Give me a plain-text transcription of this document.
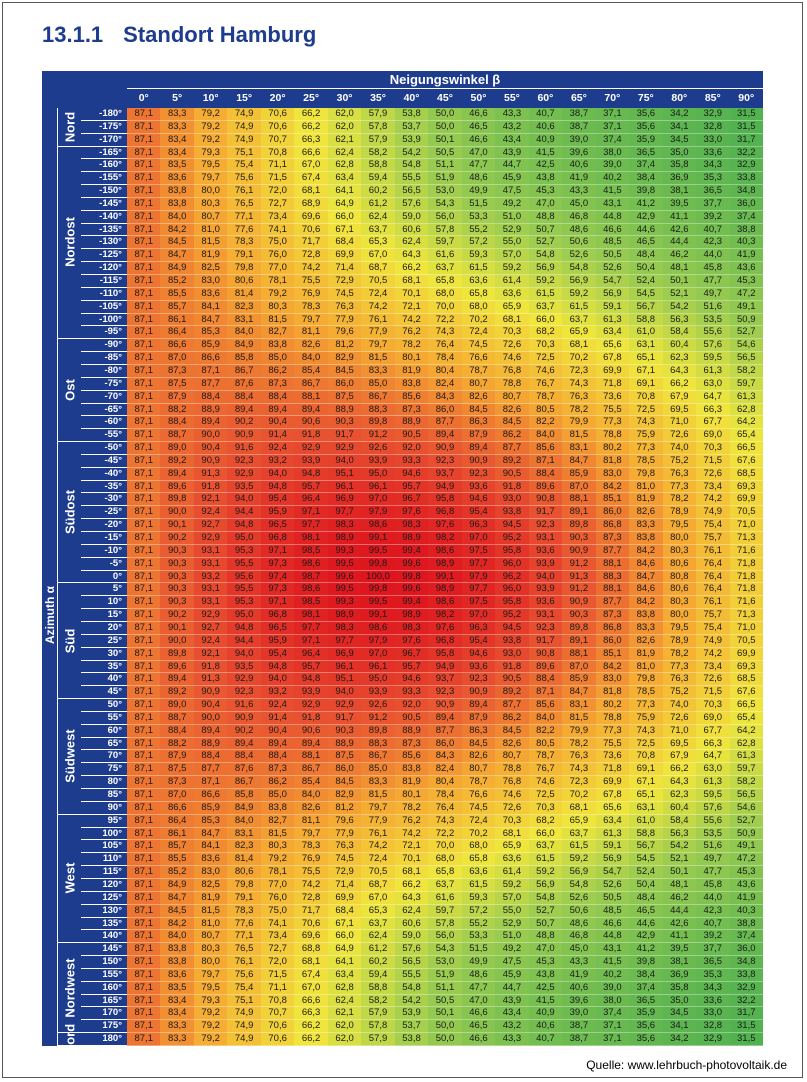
13.1.1 Standort Hamburg
Neigungswinkel β
0°	5°	10°	15°	20°	25°	30°	35°	40°	45°	50°	55°	60°	65°	70°	75°	80°	85°	90°
Azimuth α
Nord
Nordost
Ost
Südost
Süd
Südwest
West
Nordwest
Nord
-180°	87,1	83,3	79,2	74,9	70,6	66,2	62,0	57,9	53,8	50,0	46,6	43,3	40,7	38,7	37,1	35,6	34,2	32,9	31,5
-175°	87,1	83,3	79,2	74,9	70,6	66,2	62,0	57,8	53,7	50,0	46,5	43,2	40,6	38,7	37,1	35,6	34,1	32,8	31,5
-170°	87,1	83,4	79,2	74,9	70,7	66,3	62,1	57,9	53,9	50,1	46,6	43,4	40,9	39,0	37,4	35,9	34,5	33,0	31,7
-165°	87,1	83,4	79,3	75,1	70,8	66,6	62,4	58,2	54,2	50,5	47,0	43,9	41,5	39,6	38,0	36,5	35,0	33,6	32,2
-160°	87,1	83,5	79,5	75,4	71,1	67,0	62,8	58,8	54,8	51,1	47,7	44,7	42,5	40,6	39,0	37,4	35,8	34,3	32,9
-155°	87,1	83,6	79,7	75,6	71,5	67,4	63,4	59,4	55,5	51,9	48,6	45,9	43,8	41,9	40,2	38,4	36,9	35,3	33,8
-150°	87,1	83,8	80,0	76,1	72,0	68,1	64,1	60,2	56,5	53,0	49,9	47,5	45,3	43,3	41,5	39,8	38,1	36,5	34,8
-145°	87,1	83,8	80,3	76,5	72,7	68,9	64,9	61,2	57,6	54,3	51,5	49,2	47,0	45,0	43,1	41,2	39,5	37,7	36,0
-140°	87,1	84,0	80,7	77,1	73,4	69,6	66,0	62,4	59,0	56,0	53,3	51,0	48,8	46,8	44,8	42,9	41,1	39,2	37,4
-135°	87,1	84,2	81,0	77,6	74,1	70,6	67,1	63,7	60,6	57,8	55,2	52,9	50,7	48,6	46,6	44,6	42,6	40,7	38,8
-130°	87,1	84,5	81,5	78,3	75,0	71,7	68,4	65,3	62,4	59,7	57,2	55,0	52,7	50,6	48,5	46,5	44,4	42,3	40,3
-125°	87,1	84,7	81,9	79,1	76,0	72,8	69,9	67,0	64,3	61,6	59,3	57,0	54,8	52,6	50,5	48,4	46,2	44,0	41,9
-120°	87,1	84,9	82,5	79,8	77,0	74,2	71,4	68,7	66,2	63,7	61,5	59,2	56,9	54,8	52,6	50,4	48,1	45,8	43,6
-115°	87,1	85,2	83,0	80,6	78,1	75,5	72,9	70,5	68,1	65,8	63,6	61,4	59,2	56,9	54,7	52,4	50,1	47,7	45,3
-110°	87,1	85,5	83,6	81,4	79,2	76,9	74,5	72,4	70,1	68,0	65,8	63,6	61,5	59,2	56,9	54,5	52,1	49,7	47,2
-105°	87,1	85,7	84,1	82,3	80,3	78,3	76,3	74,2	72,1	70,0	68,0	65,9	63,7	61,5	59,1	56,7	54,2	51,6	49,1
-100°	87,1	86,1	84,7	83,1	81,5	79,7	77,9	76,1	74,2	72,2	70,2	68,1	66,0	63,7	61,3	58,8	56,3	53,5	50,9
-95°	87,1	86,4	85,3	84,0	82,7	81,1	79,6	77,9	76,2	74,3	72,4	70,3	68,2	65,9	63,4	61,0	58,4	55,6	52,7
-90°	87,1	86,6	85,9	84,9	83,8	82,6	81,2	79,7	78,2	76,4	74,5	72,6	70,3	68,1	65,6	63,1	60,4	57,6	54,6
-85°	87,1	87,0	86,6	85,8	85,0	84,0	82,9	81,5	80,1	78,4	76,6	74,6	72,5	70,2	67,8	65,1	62,3	59,5	56,5
-80°	87,1	87,3	87,1	86,7	86,2	85,4	84,5	83,3	81,9	80,4	78,7	76,8	74,6	72,3	69,9	67,1	64,3	61,3	58,2
-75°	87,1	87,5	87,7	87,6	87,3	86,7	86,0	85,0	83,8	82,4	80,7	78,8	76,7	74,3	71,8	69,1	66,2	63,0	59,7
-70°	87,1	87,9	88,4	88,4	88,4	88,1	87,5	86,7	85,6	84,3	82,6	80,7	78,7	76,3	73,6	70,8	67,9	64,7	61,3
-65°	87,1	88,2	88,9	89,4	89,4	89,4	88,9	88,3	87,3	86,0	84,5	82,6	80,5	78,2	75,5	72,5	69,5	66,3	62,8
-60°	87,1	88,4	89,4	90,2	90,4	90,6	90,3	89,8	88,9	87,7	86,3	84,5	82,2	79,9	77,3	74,3	71,0	67,7	64,2
-55°	87,1	88,7	90,0	90,9	91,4	91,8	91,7	91,2	90,5	89,4	87,9	86,2	84,0	81,5	78,8	75,9	72,6	69,0	65,4
-50°	87,1	89,0	90,4	91,6	92,4	92,9	92,9	92,6	92,0	90,9	89,4	87,7	85,6	83,1	80,2	77,3	74,0	70,3	66,5
-45°	87,1	89,2	90,9	92,3	93,2	93,9	94,0	93,9	93,3	92,3	90,9	89,2	87,1	84,7	81,8	78,5	75,2	71,5	67,6
-40°	87,1	89,4	91,3	92,9	94,0	94,8	95,1	95,0	94,6	93,7	92,3	90,5	88,4	85,9	83,0	79,8	76,3	72,6	68,5
-35°	87,1	89,6	91,8	93,5	94,8	95,7	96,1	96,1	95,7	94,9	93,6	91,8	89,6	87,0	84,2	81,0	77,3	73,4	69,3
-30°	87,1	89,8	92,1	94,0	95,4	96,4	96,9	97,0	96,7	95,8	94,6	93,0	90,8	88,1	85,1	81,9	78,2	74,2	69,9
-25°	87,1	90,0	92,4	94,4	95,9	97,1	97,7	97,9	97,6	96,8	95,4	93,8	91,7	89,1	86,0	82,6	78,9	74,9	70,5
-20°	87,1	90,1	92,7	94,8	96,5	97,7	98,3	98,6	98,3	97,6	96,3	94,5	92,3	89,8	86,8	83,3	79,5	75,4	71,0
-15°	87,1	90,2	92,9	95,0	96,8	98,1	98,9	99,1	98,9	98,2	97,0	95,2	93,1	90,3	87,3	83,8	80,0	75,7	71,3
-10°	87,1	90,3	93,1	95,3	97,1	98,5	99,3	99,5	99,4	98,6	97,5	95,8	93,6	90,9	87,7	84,2	80,3	76,1	71,6
-5°	87,1	90,3	93,1	95,5	97,3	98,6	99,5	99,8	99,6	98,9	97,7	96,0	93,9	91,2	88,1	84,6	80,6	76,4	71,8
0°	87,1	90,3	93,2	95,6	97,4	98,7	99,6	100,0	99,8	99,1	97,9	96,2	94,0	91,3	88,3	84,7	80,8	76,4	71,8
5°	87,1	90,3	93,1	95,5	97,3	98,6	99,5	99,8	99,6	98,9	97,7	96,0	93,9	91,2	88,1	84,6	80,6	76,4	71,8
10°	87,1	90,3	93,1	95,3	97,1	98,5	99,3	99,5	99,4	98,6	97,5	95,8	93,6	90,9	87,7	84,2	80,3	76,1	71,6
15°	87,1	90,2	92,9	95,0	96,8	98,1	98,9	99,1	98,9	98,2	97,0	95,2	93,1	90,3	87,3	83,8	80,0	75,7	71,3
20°	87,1	90,1	92,7	94,8	96,5	97,7	98,3	98,6	98,3	97,6	96,3	94,5	92,3	89,8	86,8	83,3	79,5	75,4	71,0
25°	87,1	90,0	92,4	94,4	95,9	97,1	97,7	97,9	97,6	96,8	95,4	93,8	91,7	89,1	86,0	82,6	78,9	74,9	70,5
30°	87,1	89,8	92,1	94,0	95,4	96,4	96,9	97,0	96,7	95,8	94,6	93,0	90,8	88,1	85,1	81,9	78,2	74,2	69,9
35°	87,1	89,6	91,8	93,5	94,8	95,7	96,1	96,1	95,7	94,9	93,6	91,8	89,6	87,0	84,2	81,0	77,3	73,4	69,3
40°	87,1	89,4	91,3	92,9	94,0	94,8	95,1	95,0	94,6	93,7	92,3	90,5	88,4	85,9	83,0	79,8	76,3	72,6	68,5
45°	87,1	89,2	90,9	92,3	93,2	93,9	94,0	93,9	93,3	92,3	90,9	89,2	87,1	84,7	81,8	78,5	75,2	71,5	67,6
50°	87,1	89,0	90,4	91,6	92,4	92,9	92,9	92,6	92,0	90,9	89,4	87,7	85,6	83,1	80,2	77,3	74,0	70,3	66,5
55°	87,1	88,7	90,0	90,9	91,4	91,8	91,7	91,2	90,5	89,4	87,9	86,2	84,0	81,5	78,8	75,9	72,6	69,0	65,4
60°	87,1	88,4	89,4	90,2	90,4	90,6	90,3	89,8	88,9	87,7	86,3	84,5	82,2	79,9	77,3	74,3	71,0	67,7	64,2
65°	87,1	88,2	88,9	89,4	89,4	89,4	88,9	88,3	87,3	86,0	84,5	82,6	80,5	78,2	75,5	72,5	69,5	66,3	62,8
70°	87,1	87,9	88,4	88,4	88,4	88,1	87,5	86,7	85,6	84,3	82,6	80,7	78,7	76,3	73,6	70,8	67,9	64,7	61,3
75°	87,1	87,5	87,7	87,6	87,3	86,7	86,0	85,0	83,8	82,4	80,7	78,8	76,7	74,3	71,8	69,1	66,2	63,0	59,7
80°	87,1	87,3	87,1	86,7	86,2	85,4	84,5	83,3	81,9	80,4	78,7	76,8	74,6	72,3	69,9	67,1	64,3	61,3	58,2
85°	87,1	87,0	86,6	85,8	85,0	84,0	82,9	81,5	80,1	78,4	76,6	74,6	72,5	70,2	67,8	65,1	62,3	59,5	56,5
90°	87,1	86,6	85,9	84,9	83,8	82,6	81,2	79,7	78,2	76,4	74,5	72,6	70,3	68,1	65,6	63,1	60,4	57,6	54,6
95°	87,1	86,4	85,3	84,0	82,7	81,1	79,6	77,9	76,2	74,3	72,4	70,3	68,2	65,9	63,4	61,0	58,4	55,6	52,7
100°	87,1	86,1	84,7	83,1	81,5	79,7	77,9	76,1	74,2	72,2	70,2	68,1	66,0	63,7	61,3	58,8	56,3	53,5	50,9
105°	87,1	85,7	84,1	82,3	80,3	78,3	76,3	74,2	72,1	70,0	68,0	65,9	63,7	61,5	59,1	56,7	54,2	51,6	49,1
110°	87,1	85,5	83,6	81,4	79,2	76,9	74,5	72,4	70,1	68,0	65,8	63,6	61,5	59,2	56,9	54,5	52,1	49,7	47,2
115°	87,1	85,2	83,0	80,6	78,1	75,5	72,9	70,5	68,1	65,8	63,6	61,4	59,2	56,9	54,7	52,4	50,1	47,7	45,3
120°	87,1	84,9	82,5	79,8	77,0	74,2	71,4	68,7	66,2	63,7	61,5	59,2	56,9	54,8	52,6	50,4	48,1	45,8	43,6
125°	87,1	84,7	81,9	79,1	76,0	72,8	69,9	67,0	64,3	61,6	59,3	57,0	54,8	52,6	50,5	48,4	46,2	44,0	41,9
130°	87,1	84,5	81,5	78,3	75,0	71,7	68,4	65,3	62,4	59,7	57,2	55,0	52,7	50,6	48,5	46,5	44,4	42,3	40,3
135°	87,1	84,2	81,0	77,6	74,1	70,6	67,1	63,7	60,6	57,8	55,2	52,9	50,7	48,6	46,6	44,6	42,6	40,7	38,8
140°	87,1	84,0	80,7	77,1	73,4	69,6	66,0	62,4	59,0	56,0	53,3	51,0	48,8	46,8	44,8	42,9	41,1	39,2	37,4
145°	87,1	83,8	80,3	76,5	72,7	68,8	64,9	61,2	57,6	54,3	51,5	49,2	47,0	45,0	43,1	41,2	39,5	37,7	36,0
150°	87,1	83,8	80,0	76,1	72,0	68,1	64,1	60,2	56,5	53,0	49,9	47,5	45,3	43,3	41,5	39,8	38,1	36,5	34,8
155°	87,1	83,6	79,7	75,6	71,5	67,4	63,4	59,4	55,5	51,9	48,6	45,9	43,8	41,9	40,2	38,4	36,9	35,3	33,8
160°	87,1	83,5	79,5	75,4	71,1	67,0	62,8	58,8	54,8	51,1	47,7	44,7	42,5	40,6	39,0	37,4	35,8	34,3	32,9
165°	87,1	83,4	79,3	75,1	70,8	66,6	62,4	58,2	54,2	50,5	47,0	43,9	41,5	39,6	38,0	36,5	35,0	33,6	32,2
170°	87,1	83,4	79,2	74,9	70,7	66,3	62,1	57,9	53,9	50,1	46,6	43,4	40,9	39,0	37,4	35,9	34,5	33,0	31,7
175°	87,1	83,3	79,2	74,9	70,6	66,2	62,0	57,8	53,7	50,0	46,5	43,2	40,6	38,7	37,1	35,6	34,1	32,8	31,5
180°	87,1	83,3	79,2	74,9	70,6	66,2	62,0	57,9	53,8	50,0	46,6	43,3	40,7	38,7	37,1	35,6	34,2	32,9	31,5
Quelle: www.lehrbuch-photovoltaik.de
